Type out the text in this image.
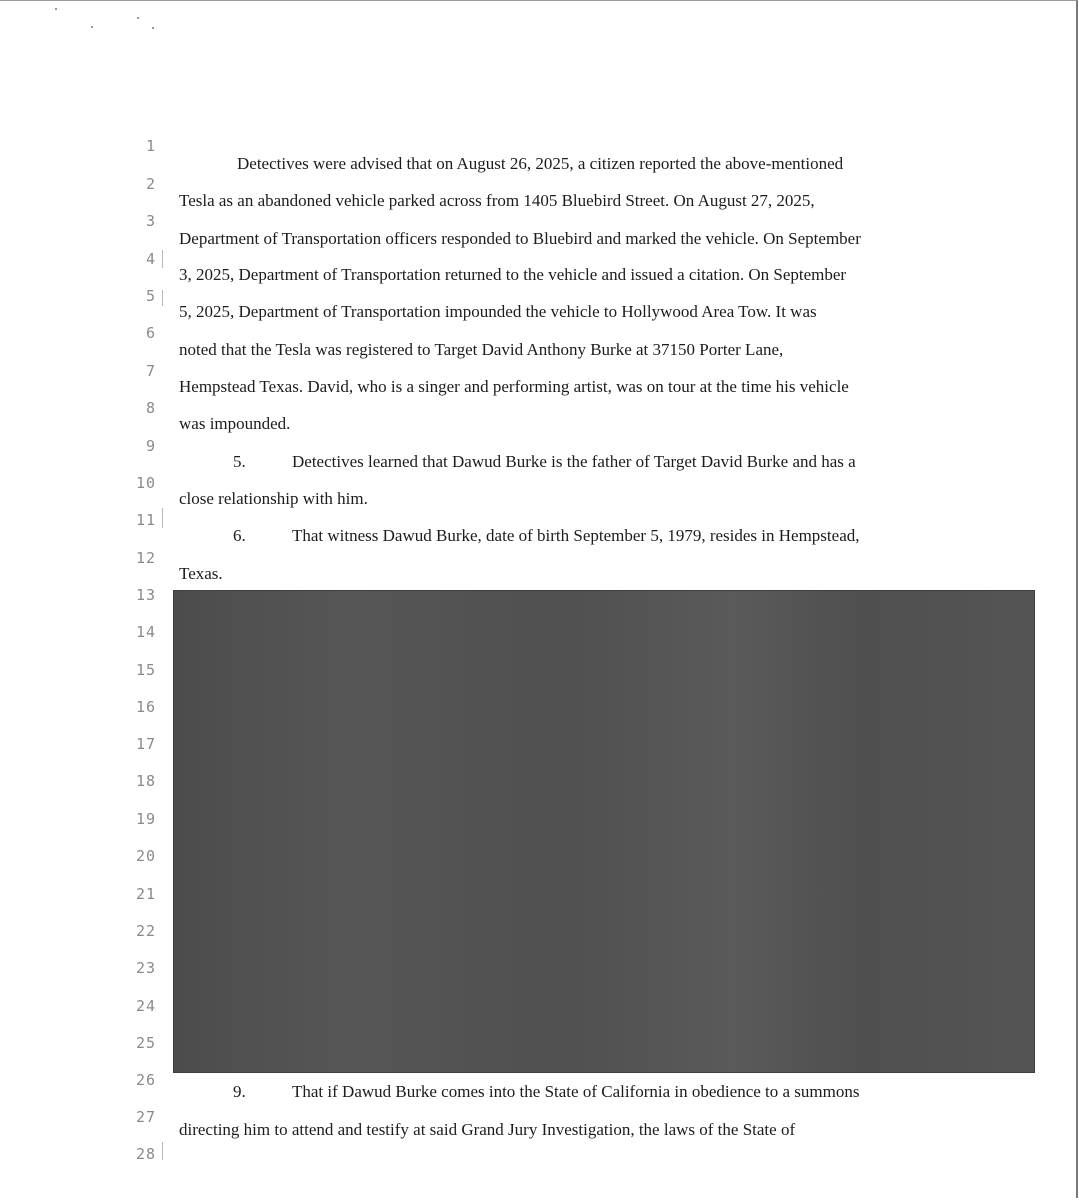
1
2
3
4
5
6
7
8
9
10
11
12
13
14
15
16
17
18
19
20
21
22
23
24
25
26
27
28
Detectives were advised that on August 26, 2025, a citizen reported the above-mentioned
Tesla as an abandoned vehicle parked across from 1405 Bluebird Street. On August 27, 2025,
Department of Transportation officers responded to Bluebird and marked the vehicle. On September
3, 2025, Department of Transportation returned to the vehicle and issued a citation. On September
5, 2025, Department of Transportation impounded the vehicle to Hollywood Area Tow. It was
noted that the Tesla was registered to Target David Anthony Burke at 37150 Porter Lane,
Hempstead Texas. David, who is a singer and performing artist, was on tour at the time his vehicle
was impounded.
5.	Detectives learned that Dawud Burke is the father of Target David Burke and has a
close relationship with him.
6.	That witness Dawud Burke, date of birth September 5, 1979, resides in Hempstead,
Texas.
9.	That if Dawud Burke comes into the State of California in obedience to a summons
directing him to attend and testify at said Grand Jury Investigation, the laws of the State of
